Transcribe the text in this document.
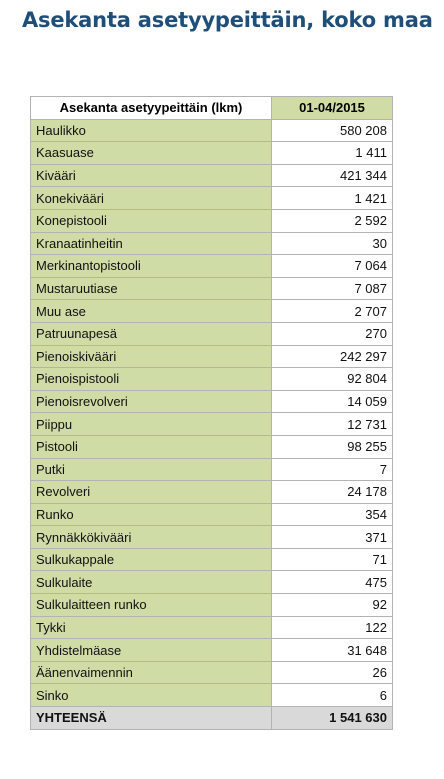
Asekanta asetyypeittäin, koko maa
Asekanta asetyypeittäin (lkm)	01-04/2015
Haulikko	580 208
Kaasuase	1 411
Kivääri	421 344
Konekivääri	1 421
Konepistooli	2 592
Kranaatinheitin	30
Merkinantopistooli	7 064
Mustaruutiase	7 087
Muu ase	2 707
Patruunapesä	270
Pienoiskivääri	242 297
Pienoispistooli	92 804
Pienoisrevolveri	14 059
Piippu	12 731
Pistooli	98 255
Putki	7
Revolveri	24 178
Runko	354
Rynnäkkökivääri	371
Sulkukappale	71
Sulkulaite	475
Sulkulaitteen runko	92
Tykki	122
Yhdistelmäase	31 648
Äänenvaimennin	26
Sinko	6
YHTEENSÄ	1 541 630
